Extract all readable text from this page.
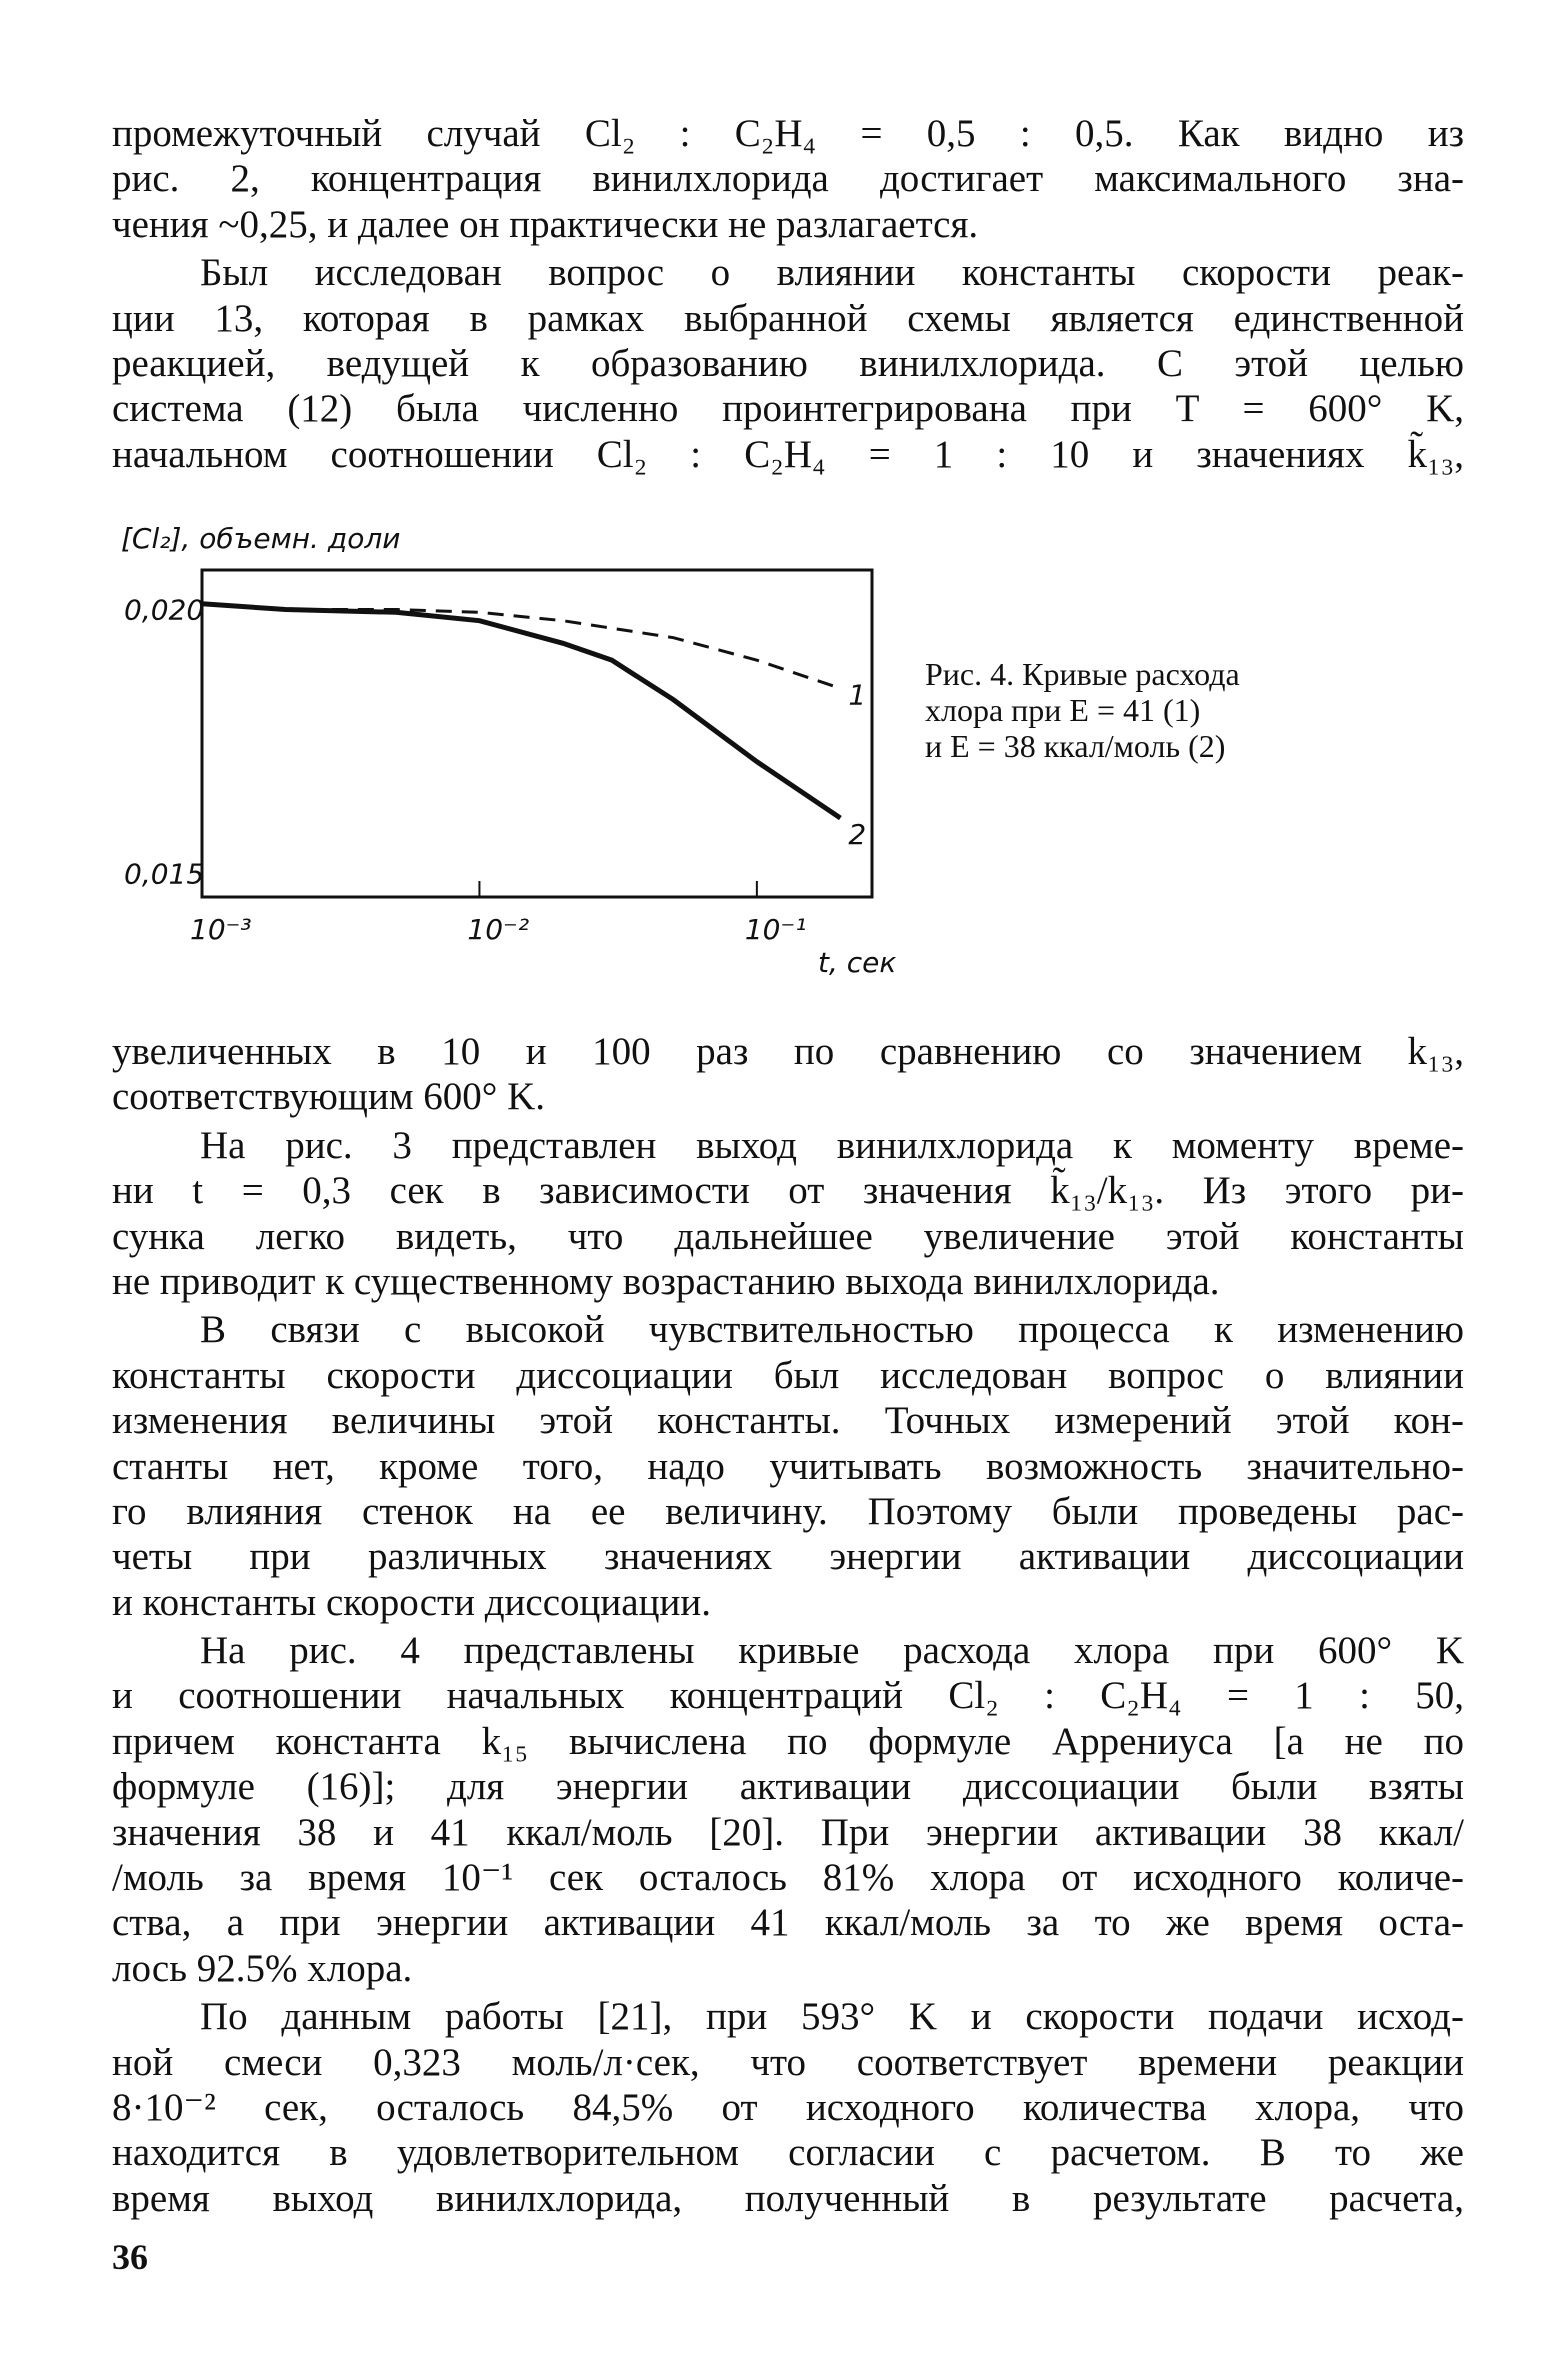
промежуточный случай Cl₂ : C₂H₄ = 0,5 : 0,5. Как видно из
рис. 2, концентрация винилхлорида достигает максимального зна-
чения ~0,25, и далее он практически не разлагается.
Был исследован вопрос о влиянии константы скорости реак-
ции 13, которая в рамках выбранной схемы является единственной
реакцией, ведущей к образованию винилхлорида. С этой целью
система (12) была численно проинтегрирована при T = 600° K,
начальном соотношении Cl₂ : C₂H₄ = 1 : 10 и значениях k̃₁₃,
[Cl₂], объемн. доли
t, сек
10⁻³	10⁻²	10⁻¹
0,020
0,015
1
2
Рис. 4. Кривые расхода
хлора при E = 41 (1)
и E = 38 ккал/моль (2)
увеличенных в 10 и 100 раз по сравнению со значением k₁₃,
соответствующим 600° K.
На рис. 3 представлен выход винилхлорида к моменту време-
ни t = 0,3 сек в зависимости от значения k̃₁₃/k₁₃. Из этого ри-
сунка легко видеть, что дальнейшее увеличение этой константы
не приводит к существенному возрастанию выхода винилхлорида.
В связи с высокой чувствительностью процесса к изменению
константы скорости диссоциации был исследован вопрос о влиянии
изменения величины этой константы. Точных измерений этой кон-
станты нет, кроме того, надо учитывать возможность значительно-
го влияния стенок на ее величину. Поэтому были проведены рас-
четы при различных значениях энергии активации диссоциации
и константы скорости диссоциации.
На рис. 4 представлены кривые расхода хлора при 600° K
и соотношении начальных концентраций Cl₂ : C₂H₄ = 1 : 50,
причем константа k₁₅ вычислена по формуле Аррениуса [а не по
формуле (16)]; для энергии активации диссоциации были взяты
значения 38 и 41 ккал/моль [20]. При энергии активации 38 ккал/
/моль за время 10⁻¹ сек осталось 81% хлора от исходного количе-
ства, а при энергии активации 41 ккал/моль за то же время оста-
лось 92.5% хлора.
По данным работы [21], при 593° K и скорости подачи исход-
ной смеси 0,323 моль/л·сек, что соответствует времени реакции
8·10⁻² сек, осталось 84,5% от исходного количества хлора, что
находится в удовлетворительном согласии с расчетом. В то же
время выход винилхлорида, полученный в результате расчета,
36
